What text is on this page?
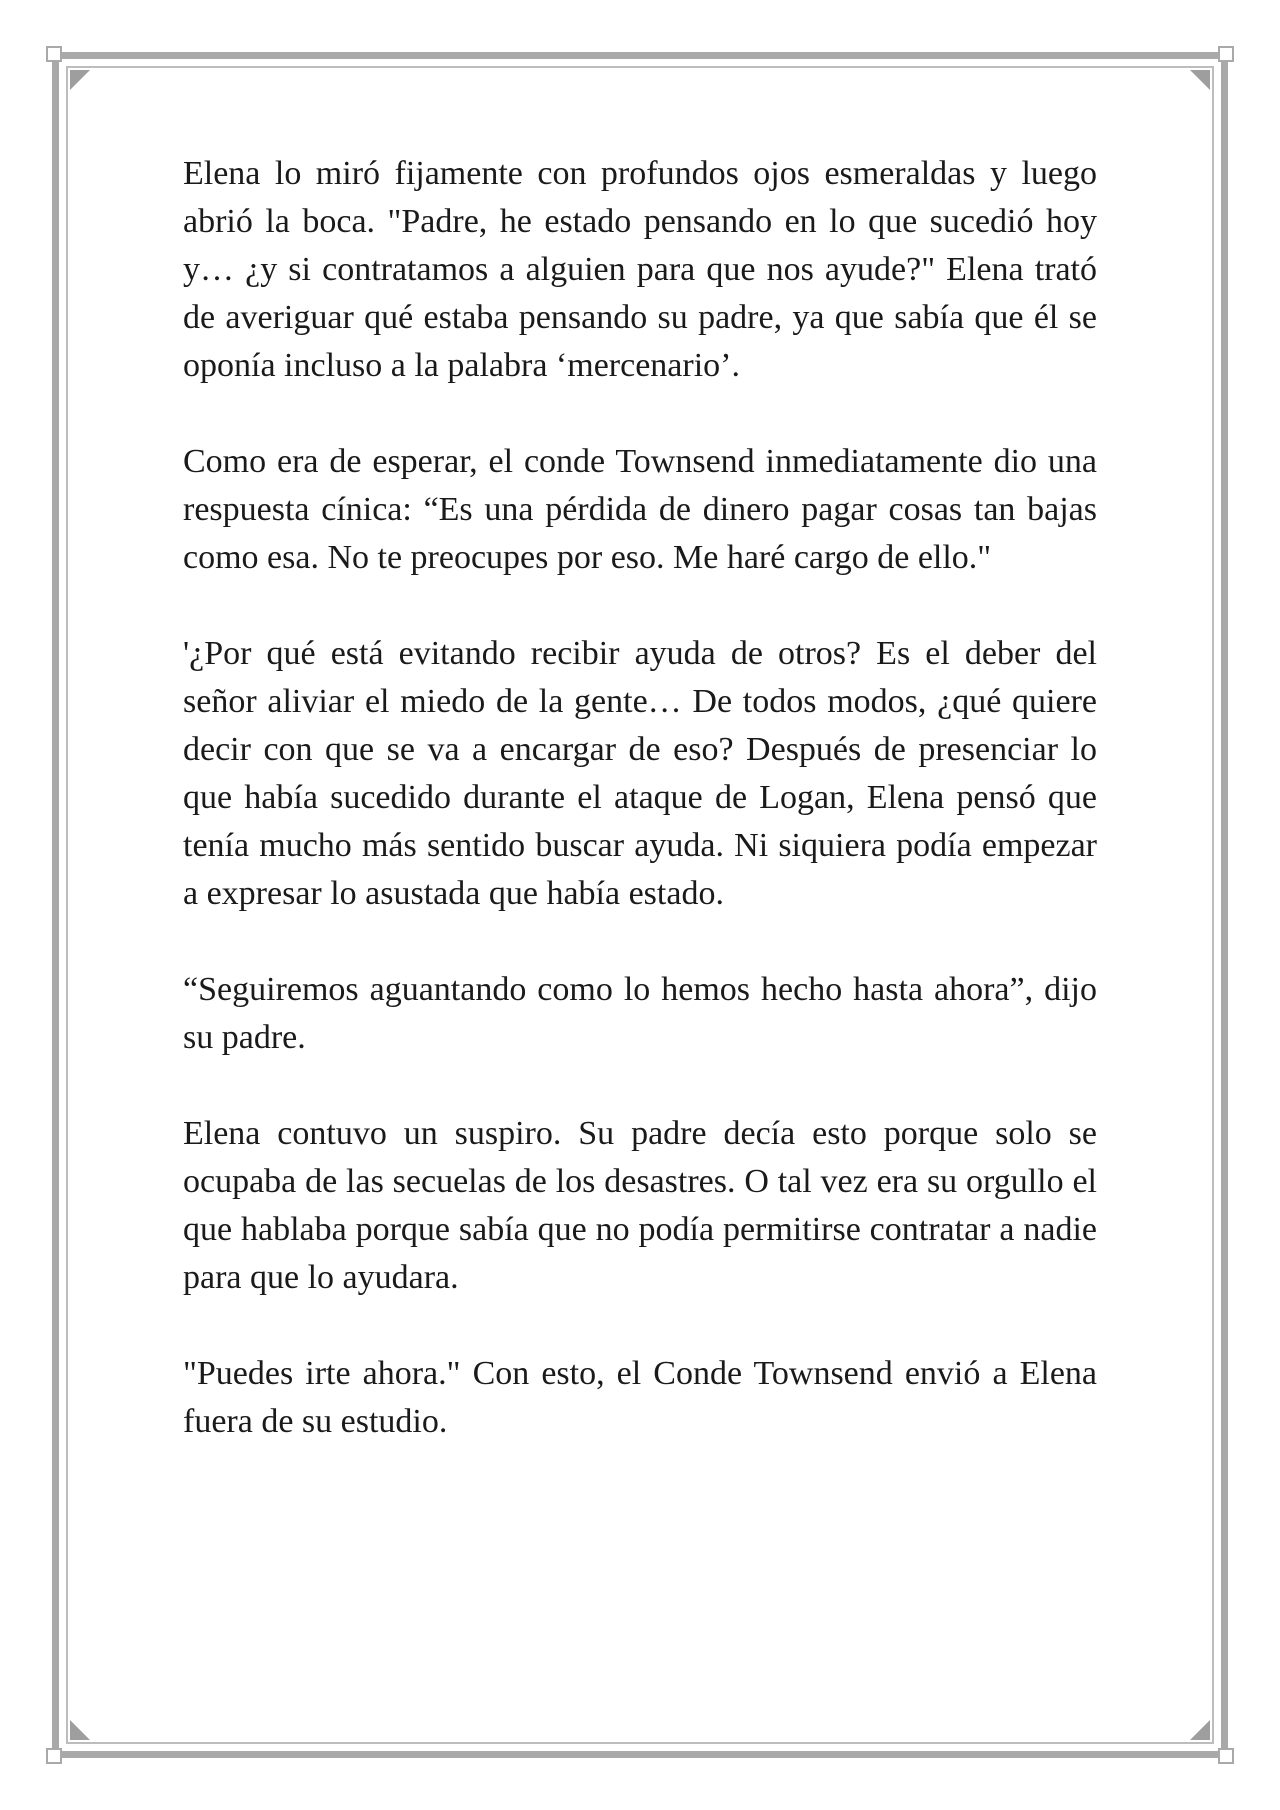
Elena lo miró fijamente con profundos ojos esmeraldas y luego abrió la boca. "Padre, he estado pensando en lo que sucedió hoy y… ¿y si contratamos a alguien para que nos ayude?" Elena trató de averiguar qué estaba pensando su padre, ya que sabía que él se oponía incluso a la palabra ‘mercenario’.

Como era de esperar, el conde Townsend inmediatamente dio una respuesta cínica: “Es una pérdida de dinero pagar cosas tan bajas como esa. No te preocupes por eso. Me haré cargo de ello."

'¿Por qué está evitando recibir ayuda de otros? Es el deber del señor aliviar el miedo de la gente… De todos modos, ¿qué quiere decir con que se va a encargar de eso? Después de presenciar lo que había sucedido durante el ataque de Logan, Elena pensó que tenía mucho más sentido buscar ayuda. Ni siquiera podía empezar a expresar lo asustada que había estado.

“Seguiremos aguantando como lo hemos hecho hasta ahora”, dijo su padre.

Elena contuvo un suspiro. Su padre decía esto porque solo se ocupaba de las secuelas de los desastres. O tal vez era su orgullo el que hablaba porque sabía que no podía permitirse contratar a nadie para que lo ayudara.

"Puedes irte ahora." Con esto, el Conde Townsend envió a Elena fuera de su estudio.
